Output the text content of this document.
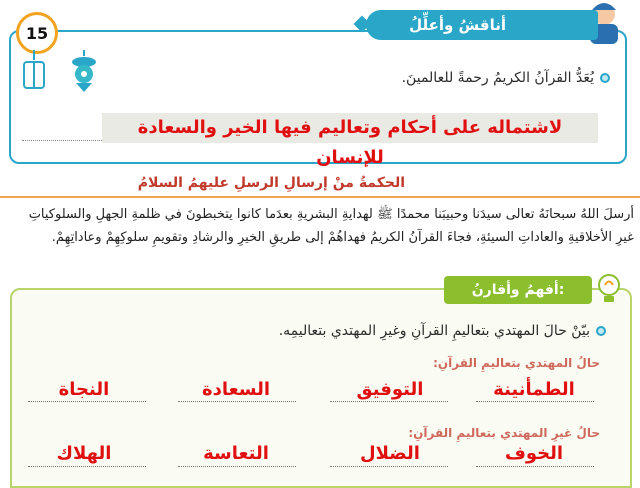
15	أناقشُ وأعلِّلُ
يُعَدُّ القرآنُ الكريمُ رحمةً للعالمينَ.
لاشتماله على أحكام وتعاليم فيها الخير والسعادة للإنسان
الحكمةُ منْ إرسالِ الرسلِ عليهمُ السلامُ
أرسلَ اللهُ سبحانَهُ تعالى سيدَنا وحبيبَنا محمدًا ﷺ لهدايةِ البشريةِ بعدَما كانوا يتخبطونَ في ظلمةِ الجهلِ والسلوكياتِ
غيرِ الأخلاقيةِ والعاداتِ السيئةِ، فجاءَ القرآنُ الكريمُ فهداهُمْ إلى طريقِ الخيرِ والرشادِ وتقويمِ سلوكِهِمْ وعاداتِهِمْ.
أفهمُ وأقارنُ:
بيّنْ حالَ المهتدي بتعاليمِ القرآنِ وغيرِ المهتدي بتعاليمِه.
حالُ المهتدي بتعاليمِ القرآنِ:
الطمأنينة
التوفيق
السعادة
النجاة
حالُ غيرِ المهتدي بتعاليمِ القرآنِ:
الخوف
الضلال
التعاسة
الهلاك
